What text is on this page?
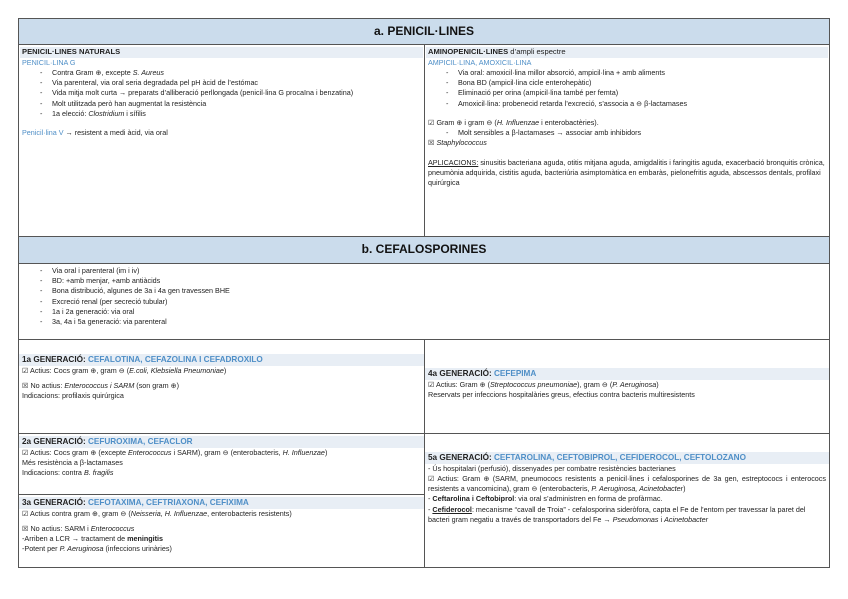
a. PENICIL·LINES
PENICIL·LINES NATURALS
PENICIL·LINA G
- Contra Gram ⊕, excepte S. Aureus
- Via parenteral, via oral seria degradada pel pH àcid de l’estómac
- Vida mitja molt curta → preparats d’alliberació perllongada (penicil·lina G procaïna i benzatina)
- Molt utilitzada però han augmentat la resistència
- 1a elecció: Clostridium i sífilis
Penicil·lina V → resistent a medi àcid, via oral
AMINOPENICIL·LINES d’ampli espectre
AMPICIL·LINA, AMOXICIL·LINA
- Via oral: amoxicil·lina millor absorció, ampicil·lina + amb aliments
- Bona BD (ampicil·lina cicle enterohepàtic)
- Eliminació per orina (ampicil·lina també per femta)
- Amoxicil·lina: probenecid retarda l’excreció, s’associa a ⊖ β-lactamases
☑ Gram ⊕ i gram ⊖ (H. Influenzae i enterobactèries).
- Molt sensibles a β-lactamases → associar amb inhibidors
☒ Staphylococcus
APLICACIONS: sinusitis bacteriana aguda, otitis mitjana aguda, amigdalitis i faringitis aguda, exacerbació bronquitis crònica, pneumònia adquirida, cistitis aguda, bacteriúria asimptomàtica en embaràs, pielonefritis aguda, abscessos dentals, profilaxi quirúrgica
b. CEFALOSPORINES
- Via oral i parenteral (im i iv)
- BD: +amb menjar, +amb antiàcids
- Bona distribució, algunes de 3a i 4a gen travessen BHE
- Excreció renal (per secreció tubular)
- 1a i 2a generació: via oral
- 3a, 4a i 5a generació: via parenteral
1a GENERACIÓ: CEFALOTINA, CEFAZOLINA I CEFADROXILO
☑ Actius: Cocs gram ⊕, gram ⊖ (E.coli, Klebsiella Pneumoniae)
☒ No actius: Enterococcus i SARM (son gram ⊕)
Indicacions: profilaxis quirúrgica
4a GENERACIÓ: CEFEPIMA
☑ Actius: Gram ⊕ (Streptococcus pneumoniae), gram ⊖ (P. Aeruginosa)
Reservats per infeccions hospitalàries greus, efectius contra bacteris multiresistents
2a GENERACIÓ: CEFUROXIMA, CEFACLOR
☑ Actius: Cocs gram ⊕ (excepte Enterococcus i SARM), gram ⊖ (enterobacteris, H. Influenzae)
Més resistència a β-lactamases
Indicacions: contra B. fragilis
3a GENERACIÓ: CEFOTAXIMA, CEFTRIAXONA, CEFIXIMA
☑ Actius contra gram ⊕, gram ⊖ (Neisseria, H. Influenzae, enterobacteris resistents)
☒ No actius: SARM i Enterococcus
-Arriben a LCR → tractament de meningitis
-Potent per P. Aeruginosa (infeccions urinàries)
5a GENERACIÓ: CEFTAROLINA, CEFTOBIPROL, CEFIDEROCOL, CEFTOLOZANO
- Ús hospitalari (perfusió), dissenyades per combatre resistències bacterianes
☑ Actius: Gram ⊕ (SARM, pneumococs resistents a penicil·lines i cefalosporines de 3a gen, estreptococs i enterococs resistents a vancomicina), gram ⊖ (enterobacteris, P. Aeruginosa, Acinetobacter)
- Ceftarolina i Ceftobiprol: via oral s’administren en forma de profàrmac.
- Cefiderocol: mecanisme “cavall de Troia” - cefalosporina sideròfora, capta el Fe de l’entorn per travessar la paret del bacteri gram negatiu a través de transportadors del Fe → Pseudomonas i Acinetobacter
